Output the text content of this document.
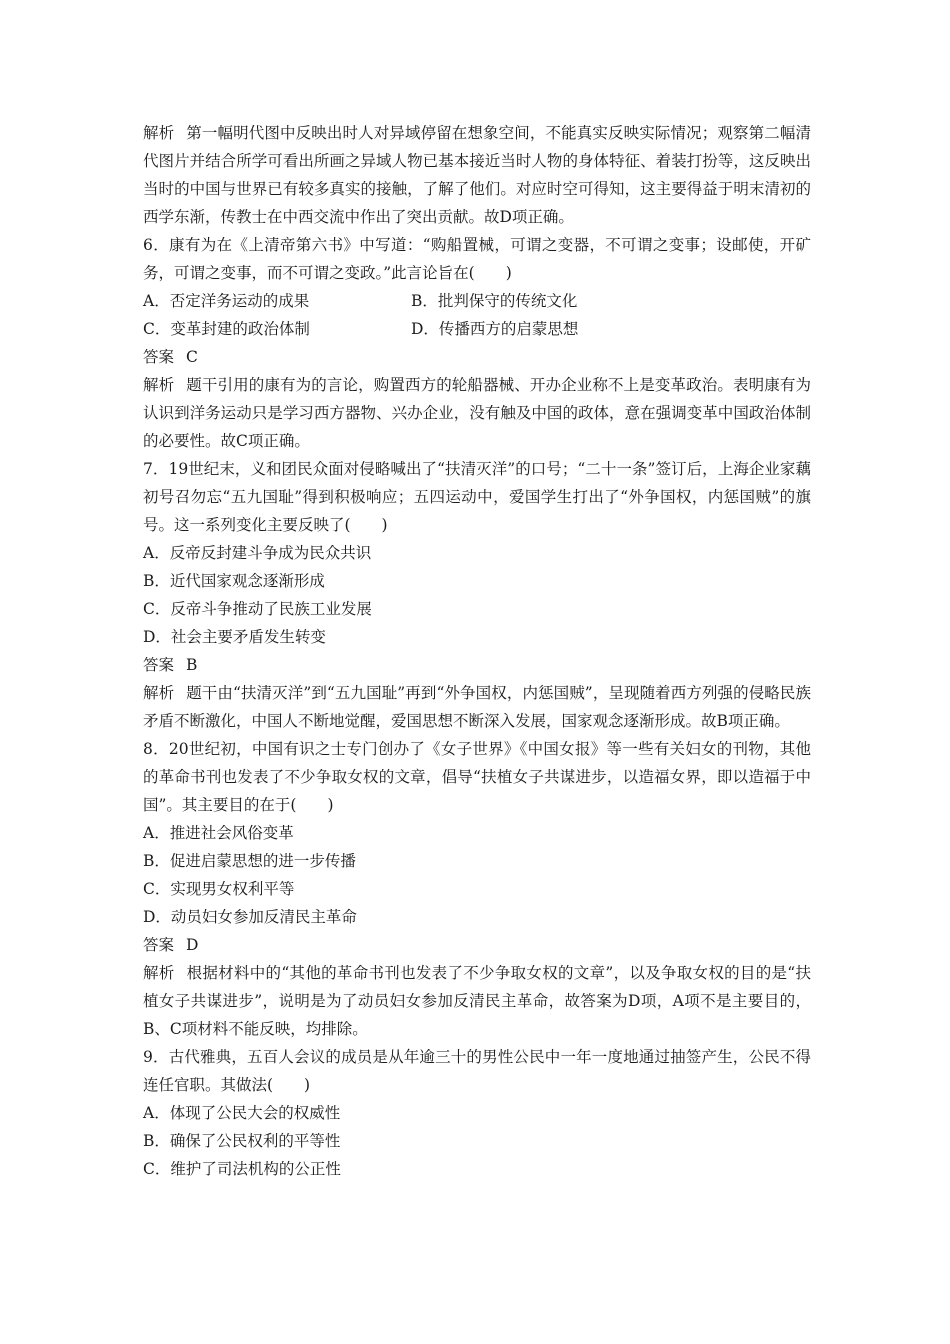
解析 第一幅明代图中反映出时人对异域停留在想象空间，不能真实反映实际情况；观察第二幅清代图片并结合所学可看出所画之异域人物已基本接近当时人物的身体特征、着装打扮等，这反映出当时的中国与世界已有较多真实的接触，了解了他们。对应时空可得知，这主要得益于明末清初的西学东渐，传教士在中西交流中作出了突出贡献。故D项正确。

6．康有为在《上清帝第六书》中写道：“购船置械，可谓之变器，不可谓之变事；设邮使，开矿务，可谓之变事，而不可谓之变政。”此言论旨在(　　)

A．否定洋务运动的成果	B．批判保守的传统文化

C．变革封建的政治体制	D．传播西方的启蒙思想

答案 C

解析 题干引用的康有为的言论，购置西方的轮船器械、开办企业称不上是变革政治。表明康有为认识到洋务运动只是学习西方器物、兴办企业，没有触及中国的政体，意在强调变革中国政治体制的必要性。故C项正确。

7．19世纪末，义和团民众面对侵略喊出了“扶清灭洋”的口号；“二十一条”签订后，上海企业家藕初号召勿忘“五九国耻”得到积极响应；五四运动中，爱国学生打出了“外争国权，内惩国贼”的旗号。这一系列变化主要反映了(　　)

A．反帝反封建斗争成为民众共识

B．近代国家观念逐渐形成

C．反帝斗争推动了民族工业发展

D．社会主要矛盾发生转变

答案 B

解析 题干由“扶清灭洋”到“五九国耻”再到“外争国权，内惩国贼”，呈现随着西方列强的侵略民族矛盾不断激化，中国人不断地觉醒，爱国思想不断深入发展，国家观念逐渐形成。故B项正确。

8．20世纪初，中国有识之士专门创办了《女子世界》《中国女报》等一些有关妇女的刊物，其他的革命书刊也发表了不少争取女权的文章，倡导“扶植女子共谋进步，以造福女界，即以造福于中国”。其主要目的在于(　　)

A．推进社会风俗变革

B．促进启蒙思想的进一步传播

C．实现男女权利平等

D．动员妇女参加反清民主革命

答案 D

解析 根据材料中的“其他的革命书刊也发表了不少争取女权的文章”，以及争取女权的目的是“扶植女子共谋进步”，说明是为了动员妇女参加反清民主革命，故答案为D项，A项不是主要目的，B、C项材料不能反映，均排除。

9．古代雅典，五百人会议的成员是从年逾三十的男性公民中一年一度地通过抽签产生，公民不得连任官职。其做法(　　)

A．体现了公民大会的权威性

B．确保了公民权利的平等性

C．维护了司法机构的公正性
